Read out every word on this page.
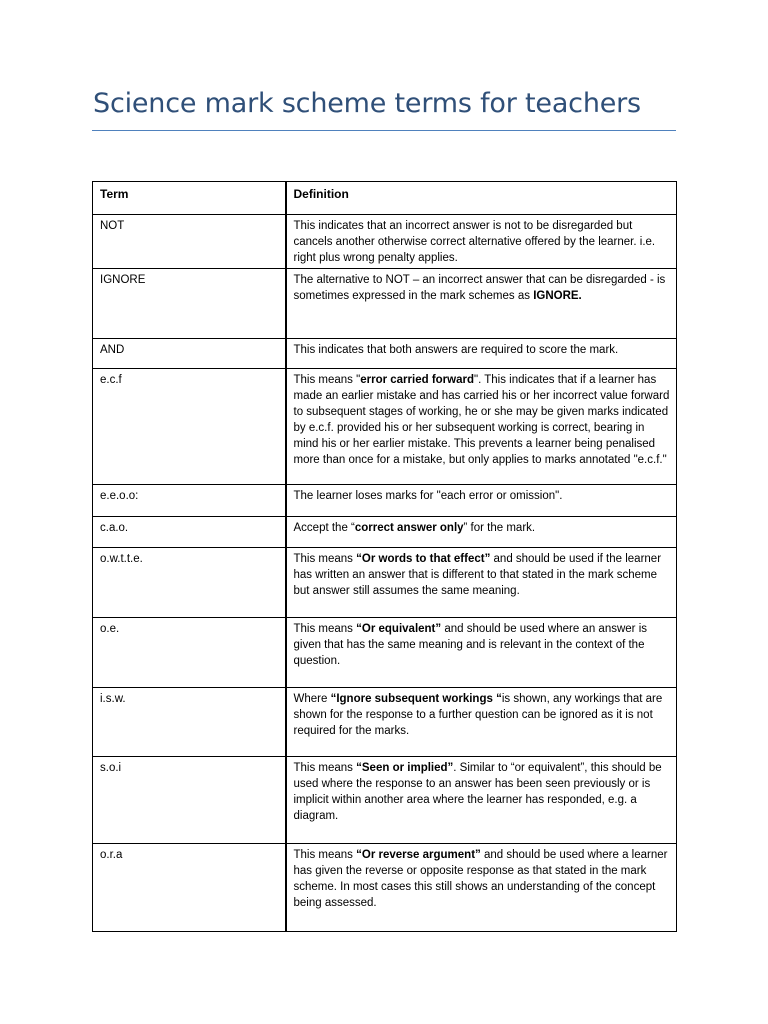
Science mark scheme terms for teachers
Term	Definition
NOT	This indicates that an incorrect answer is not to be disregarded but cancels another otherwise correct alternative offered by the learner. i.e. right plus wrong penalty applies.
IGNORE	The alternative to NOT – an incorrect answer that can be disregarded - is sometimes expressed in the mark schemes as IGNORE.
AND	This indicates that both answers are required to score the mark.
e.c.f	This means "error carried forward". This indicates that if a learner has made an earlier mistake and has carried his or her incorrect value forward to subsequent stages of working, he or she may be given marks indicated by e.c.f. provided his or her subsequent working is correct, bearing in mind his or her earlier mistake. This prevents a learner being penalised more than once for a mistake, but only applies to marks annotated "e.c.f."
e.e.o.o:	The learner loses marks for "each error or omission".
c.a.o.	Accept the “correct answer only” for the mark.
o.w.t.t.e.	This means “Or words to that effect” and should be used if the learner has written an answer that is different to that stated in the mark scheme but answer still assumes the same meaning.
o.e.	This means “Or equivalent” and should be used where an answer is given that has the same meaning and is relevant in the context of the question.
i.s.w.	Where “Ignore subsequent workings “is shown, any workings that are shown for the response to a further question can be ignored as it is not required for the marks.
s.o.i	This means “Seen or implied”. Similar to “or equivalent”, this should be used where the response to an answer has been seen previously or is implicit within another area where the learner has responded, e.g. a diagram.
o.r.a	This means “Or reverse argument” and should be used where a learner has given the reverse or opposite response as that stated in the mark scheme. In most cases this still shows an understanding of the concept being assessed.
